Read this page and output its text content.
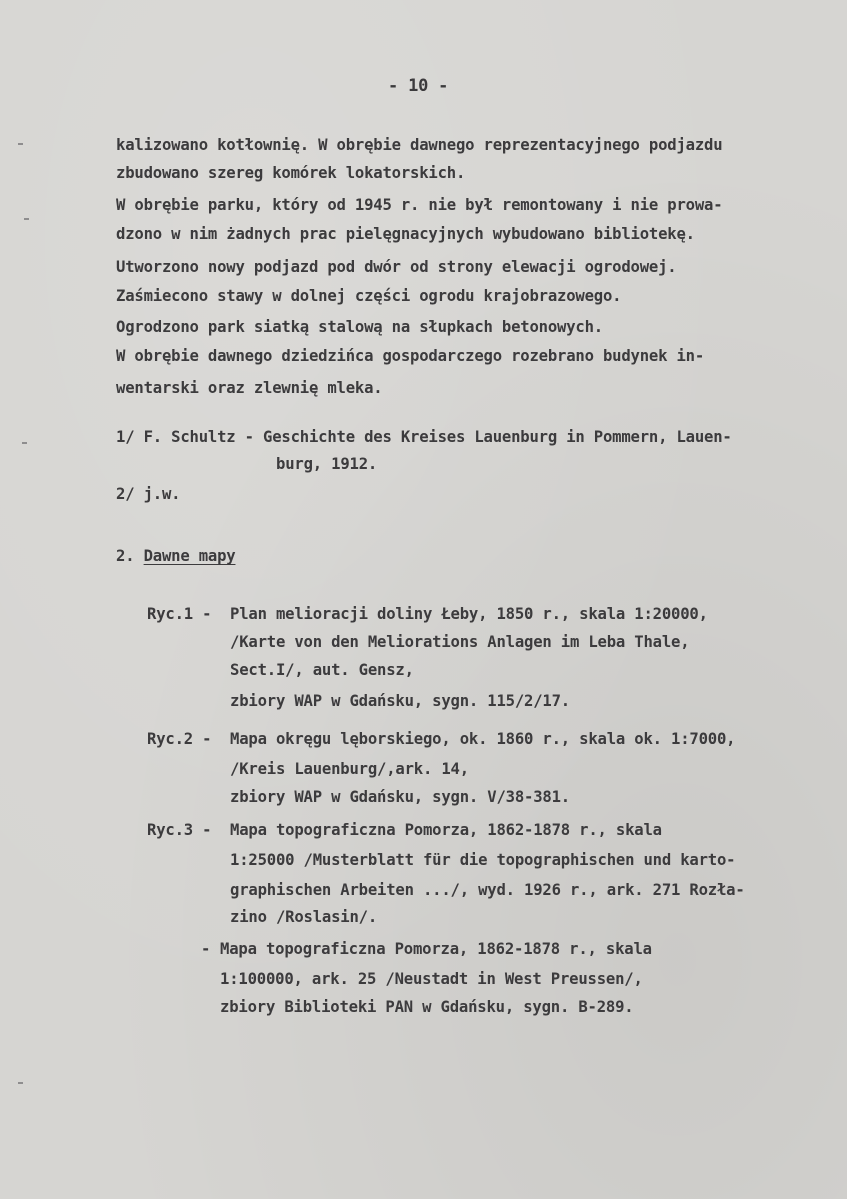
- 10 -
kalizowano kotłownię. W obrębie dawnego reprezentacyjnego podjazdu
zbudowano szereg komórek lokatorskich.
W obrębie parku, który od 1945 r. nie był remontowany i nie prowa-
dzono w nim żadnych prac pielęgnacyjnych wybudowano bibliotekę.
Utworzono nowy podjazd pod dwór od strony elewacji ogrodowej.
Zaśmiecono stawy w dolnej części ogrodu krajobrazowego.
Ogrodzono park siatką stalową na słupkach betonowych.
W obrębie dawnego dziedzińca gospodarczego rozebrano budynek in-
wentarski oraz zlewnię mleka.
1/ F. Schultz - Geschichte des Kreises Lauenburg in Pommern, Lauen-
burg, 1912.
2/ j.w.
2. Dawne mapy
Ryc.1 - Plan melioracji doliny Łeby, 1850 r., skala 1:20000,
/Karte von den Meliorations Anlagen im Leba Thale,
Sect.I/, aut. Gensz,
zbiory WAP w Gdańsku, sygn. 115/2/17.
Ryc.2 - Mapa okręgu lęborskiego, ok. 1860 r., skala ok. 1:7000,
/Kreis Lauenburg/,ark. 14,
zbiory WAP w Gdańsku, sygn. V/38-381.
Ryc.3 - Mapa topograficzna Pomorza, 1862-1878 r., skala
1:25000 /Musterblatt für die topographischen und karto-
graphischen Arbeiten .../, wyd. 1926 r., ark. 271 Rozła-
zino /Roslasin/.
- Mapa topograficzna Pomorza, 1862-1878 r., skala
1:100000, ark. 25 /Neustadt in West Preussen/,
zbiory Biblioteki PAN w Gdańsku, sygn. B-289.
